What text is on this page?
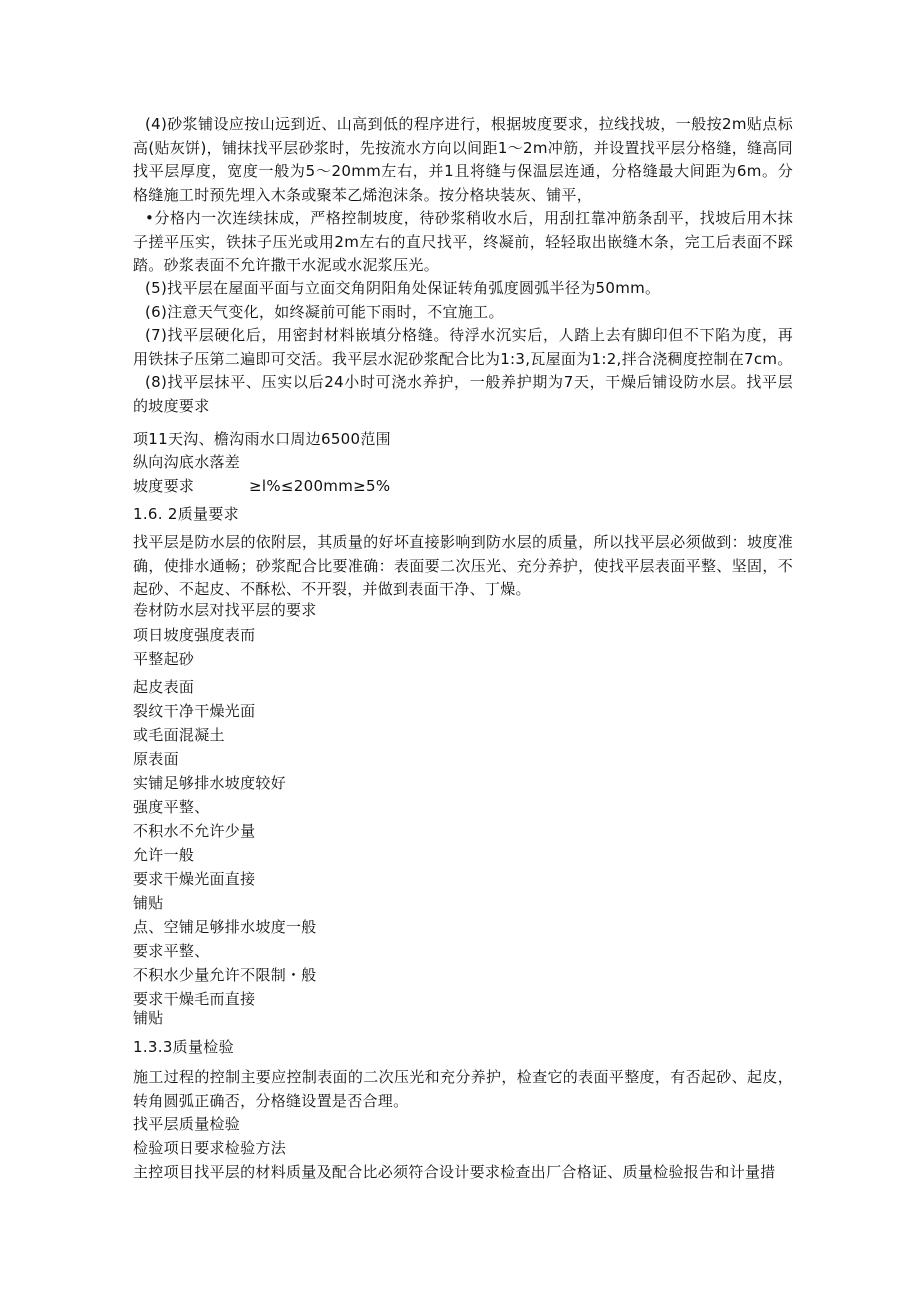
(4)砂浆铺设应按山远到近、山高到低的程序进行，根据坡度要求，拉线找坡，一般按2m贴点标高(贴灰饼)，铺抹找平层砂浆时，先按流水方向以间距1～2m冲筋，并设置找平层分格缝，缝高同找平层厚度，宽度一般为5～20mm左右，并1且将缝与保温层连通，分格缝最大间距为6m。分格缝施工时预先埋入木条或聚苯乙烯泡沫条。按分格块装灰、铺平，
•分格内一次连续抹成，严格控制坡度，待砂浆稍收水后，用刮扛靠冲筋条刮平，找坡后用木抹子搓平压实，铁抹子压光或用2m左右的直尺找平，终凝前，轻轻取出嵌缝木条，完工后表面不踩踏。砂浆表面不允许撒干水泥或水泥浆压光。
(5)找平层在屋面平面与立面交角阴阳角处保证转角弧度圆弧半径为50mm。
(6)注意天气变化，如终凝前可能下雨时，不宜施工。
(7)找平层硬化后，用密封材料嵌填分格缝。待浮水沉实后，人踏上去有脚印但不下陷为度，再用铁抹子压第二遍即可交活。我平层水泥砂浆配合比为1:3,瓦屋面为1:2,拌合浇稠度控制在7cm。
(8)找平层抹平、压实以后24小时可浇水养护，一般养护期为7天，干燥后铺设防水层。找平层的坡度要求
项11天沟、檐沟雨水口周边6500范围
纵向沟底水落差
坡度要求	≥l%≤200mm≥5%
1.6. 2质量要求
找平层是防水层的依附层，其质量的好坏直接影响到防水层的质量，所以找平层必须做到：坡度准确，使排水通畅；砂浆配合比要准确：表面要二次压光、充分养护，使找平层表面平整、坚固，不起砂、不起皮、不酥松、不开裂，并做到表面干净、丁燥。
卷材防水层对找平层的要求
项日坡度强度表而
平整起砂
起皮表面
裂纹干净干燥光面
或毛面混凝土
原表面
实铺足够排水坡度较好
强度平整、
不积水不允许少量
允许一般
要求干燥光面直接
铺贴
点、空铺足够排水坡度一般
要求平整、
不积水少量允许不限制・般
要求干燥毛而直接
铺贴
1.3.3质量检验
施工过程的控制主要应控制表面的二次压光和充分养护，检查它的表面平整度，有否起砂、起皮，转角圆弧正确否，分格缝设置是否合理。
找平层质量检验
检验项日要求检验方法
主控项目找平层的材料质量及配合比必须符合设计要求检查出厂合格证、质量检验报告和计量措
